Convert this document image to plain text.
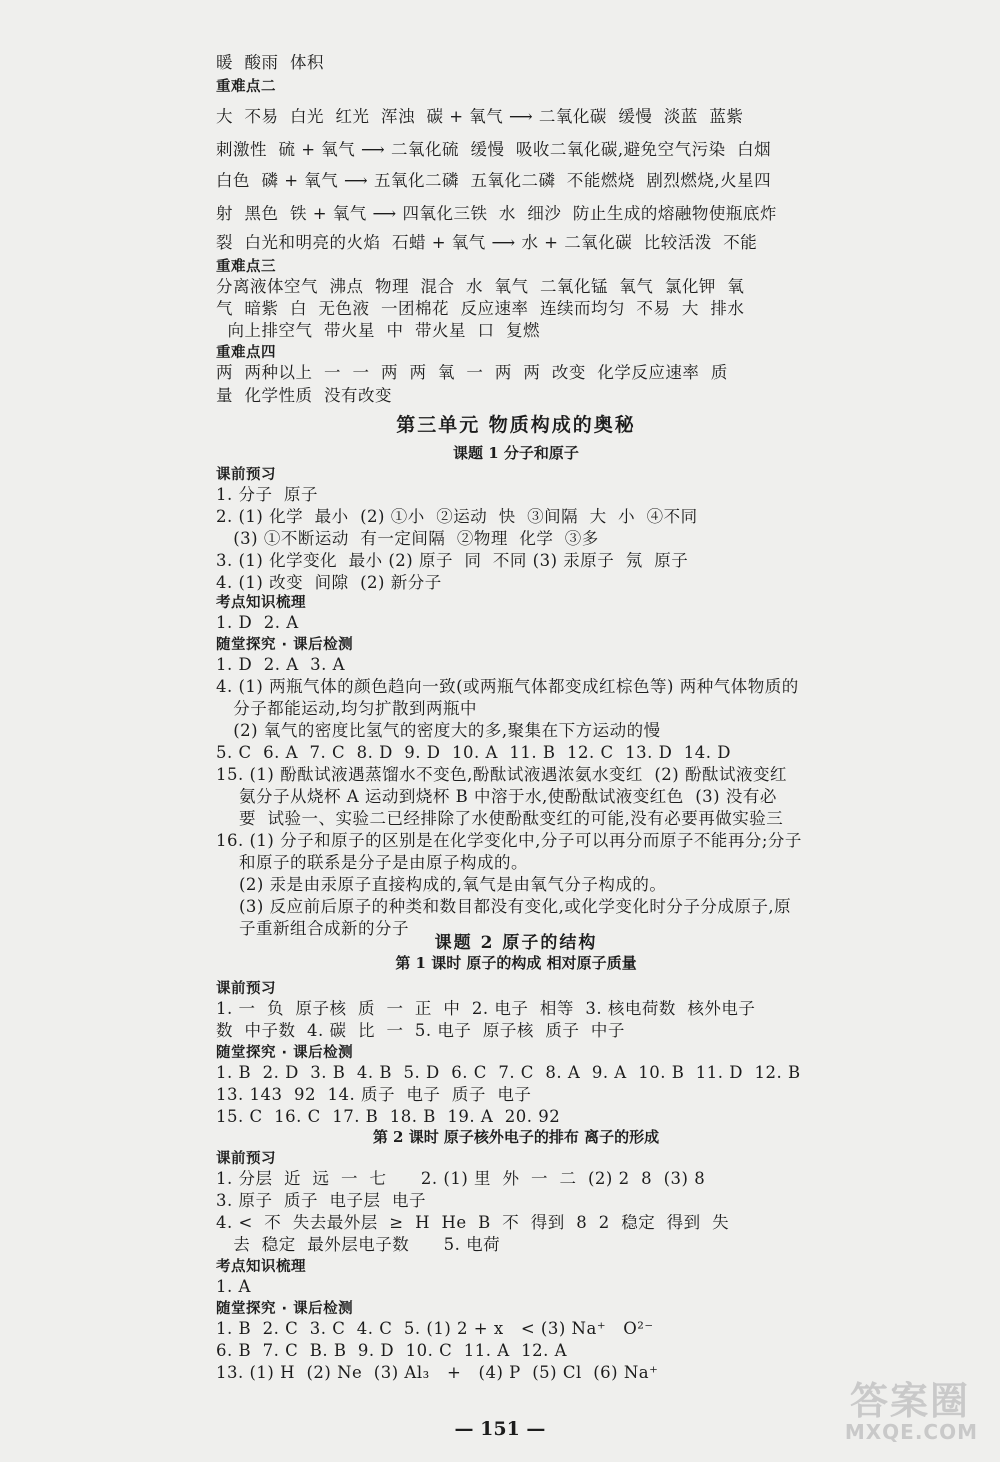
暖  酸雨  体积
重难点二
大  不易  白光  红光  浑浊  碳 + 氧气 ⟶ 二氧化碳  缓慢  淡蓝  蓝紫
刺激性  硫 + 氧气 ⟶ 二氧化硫  缓慢  吸收二氧化碳,避免空气污染  白烟
白色  磷 + 氧气 ⟶ 五氧化二磷  五氧化二磷  不能燃烧  剧烈燃烧,火星四
射  黑色  铁 + 氧气 ⟶ 四氧化三铁  水  细沙  防止生成的熔融物使瓶底炸
裂  白光和明亮的火焰  石蜡 + 氧气 ⟶ 水 + 二氧化碳  比较活泼  不能
重难点三
分离液体空气  沸点  物理  混合  水  氧气  二氧化锰  氧气  氯化钾  氧
气  暗紫  白  无色液  一团棉花  反应速率  连续而均匀  不易  大  排水
向上排空气  带火星  中  带火星  口  复燃
重难点四
两  两种以上  一  一  两  两  氧  一  两  两  改变  化学反应速率  质
量  化学性质  没有改变
第三单元 物质构成的奥秘
课题 1 分子和原子
课前预习
1. 分子  原子
2. (1) 化学  最小  (2) ①小  ②运动  快  ③间隔  大  小  ④不同
(3) ①不断运动  有一定间隔  ②物理  化学  ③多
3. (1) 化学变化  最小 (2) 原子  同  不同 (3) 汞原子  氖  原子
4. (1) 改变  间隙  (2) 新分子
考点知识梳理
1. D  2. A
随堂探究 · 课后检测
1. D  2. A  3. A
4. (1) 两瓶气体的颜色趋向一致(或两瓶气体都变成红棕色等) 两种气体物质的
分子都能运动,均匀扩散到两瓶中
(2) 氧气的密度比氢气的密度大的多,聚集在下方运动的慢
5. C  6. A  7. C  8. D  9. D  10. A  11. B  12. C  13. D  14. D
15. (1) 酚酞试液遇蒸馏水不变色,酚酞试液遇浓氨水变红  (2) 酚酞试液变红
氨分子从烧杯 A 运动到烧杯 B 中溶于水,使酚酞试液变红色  (3) 没有必
要  试验一、实验二已经排除了水使酚酞变红的可能,没有必要再做实验三
16. (1) 分子和原子的区别是在化学变化中,分子可以再分而原子不能再分;分子
和原子的联系是分子是由原子构成的。
(2) 汞是由汞原子直接构成的,氧气是由氧气分子构成的。
(3) 反应前后原子的种类和数目都没有变化,或化学变化时分子分成原子,原
子重新组合成新的分子
课题 2 原子的结构
第 1 课时 原子的构成 相对原子质量
课前预习
1. 一  负  原子核  质  一  正  中  2. 电子  相等  3. 核电荷数  核外电子
数  中子数  4. 碳  比  一  5. 电子  原子核  质子  中子
随堂探究 · 课后检测
1. B  2. D  3. B  4. B  5. D  6. C  7. C  8. A  9. A  10. B  11. D  12. B
13. 143  92  14. 质子  电子  质子  电子
15. C  16. C  17. B  18. B  19. A  20. 92
第 2 课时 原子核外电子的排布 离子的形成
课前预习
1. 分层  近  远  一  七      2. (1) 里  外  一  二  (2) 2  8  (3) 8
3. 原子  质子  电子层  电子
4. <  不  失去最外层  ≥  H  He  B  不  得到  8  2  稳定  得到  失
去  稳定  最外层电子数      5. 电荷
考点知识梳理
1. A
随堂探究 · 课后检测
1. B  2. C  3. C  4. C  5. (1) 2 + x   < (3) Na⁺   O²⁻
6. B  7. C  B. B  9. D  10. C  11. A  12. A
13. (1) H  (2) Ne  (3) Al₃   +   (4) P  (5) Cl  (6) Na⁺
— 151 —
答案圈
MXQE.COM
